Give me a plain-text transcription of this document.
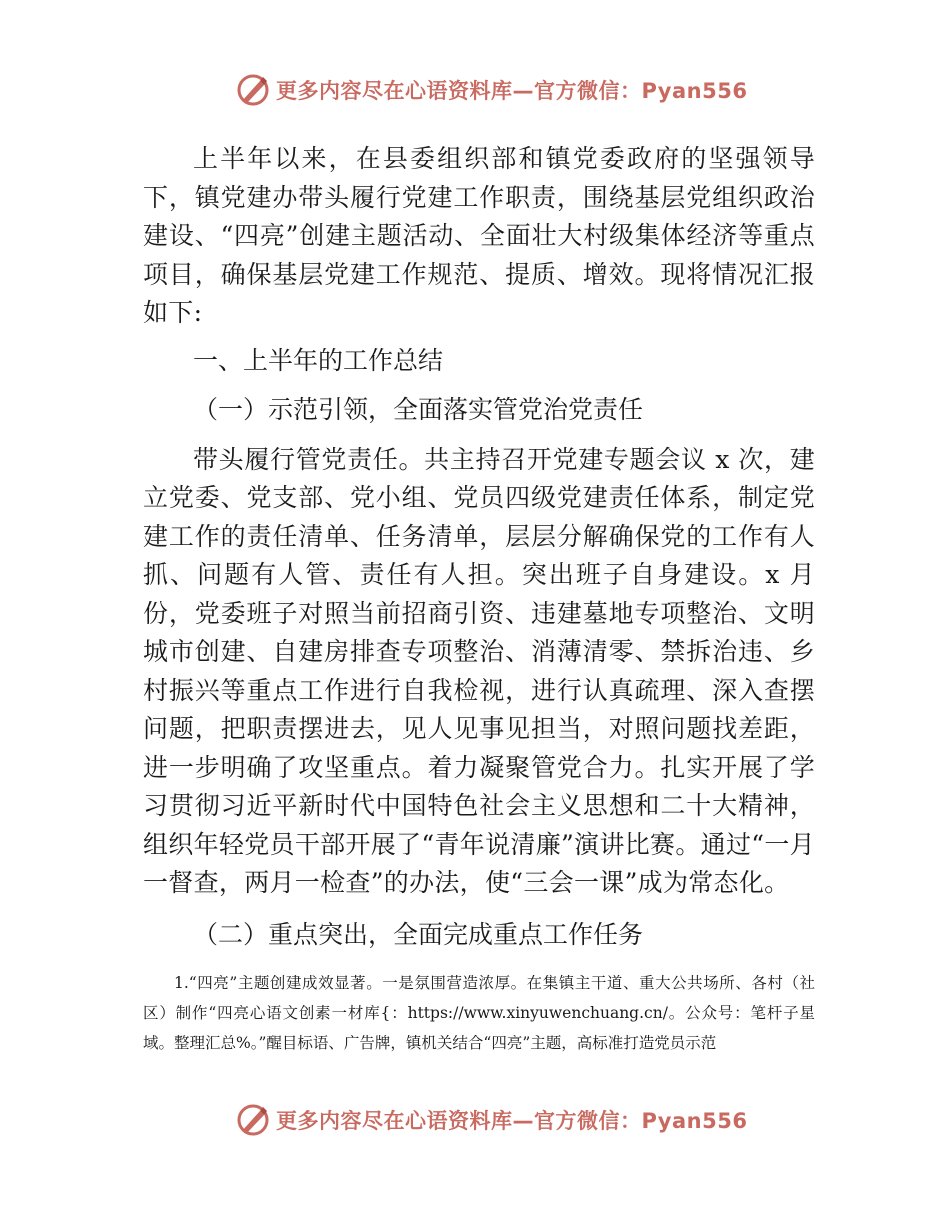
更多内容尽在心语资料库—官方微信：Pyan556

上半年以来，在县委组织部和镇党委政府的坚强领导下，镇党建办带头履行党建工作职责，围绕基层党组织政治建设、“四亮”创建主题活动、全面壮大村级集体经济等重点项目，确保基层党建工作规范、提质、增效。现将情况汇报如下:

一、上半年的工作总结

（一）示范引领，全面落实管党治党责任

带头履行管党责任。共主持召开党建专题会议 x 次，建立党委、党支部、党小组、党员四级党建责任体系，制定党建工作的责任清单、任务清单，层层分解确保党的工作有人抓、问题有人管、责任有人担。突出班子自身建设。x 月份，党委班子对照当前招商引资、违建墓地专项整治、文明城市创建、自建房排查专项整治、消薄清零、禁拆治违、乡村振兴等重点工作进行自我检视，进行认真疏理、深入查摆问题，把职责摆进去，见人见事见担当，对照问题找差距，进一步明确了攻坚重点。着力凝聚管党合力。扎实开展了学习贯彻习近平新时代中国特色社会主义思想和二十大精神，组织年轻党员干部开展了“青年说清廉”演讲比赛。通过“一月一督查，两月一检查”的办法，使“三会一课”成为常态化。

（二）重点突出，全面完成重点工作任务

1.“四亮”主题创建成效显著。一是氛围营造浓厚。在集镇主干道、重大公共场所、各村（社区）制作“四亮心语文创素一材库{：https://www.xinyuwenchuang.cn/。公众号：笔杆子星域。整理汇总%。”醒目标语、广告牌，镇机关结合“四亮”主题，高标准打造党员示范

更多内容尽在心语资料库—官方微信：Pyan556
